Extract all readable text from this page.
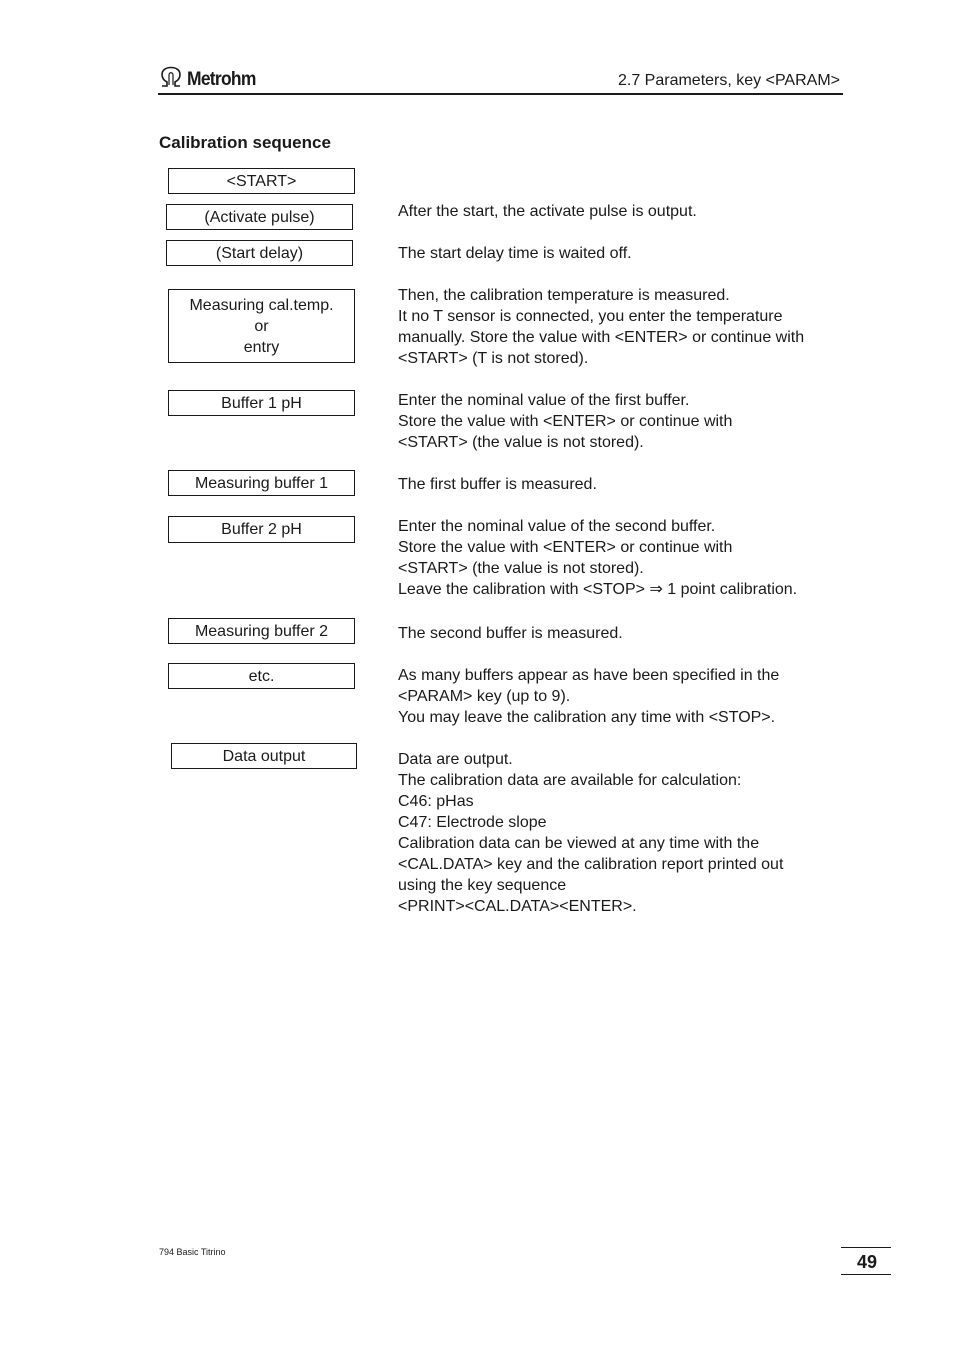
Metrohm	2.7 Parameters, key <PARAM>
Calibration sequence
<START>
(Activate pulse)
(Start delay)
Measuring cal.temp.
or
entry
Buffer 1 pH
Measuring buffer 1
Buffer 2 pH
Measuring buffer 2
etc.
Data output
After the start, the activate pulse is output.
The start delay time is waited off.
Then, the calibration temperature is measured.
It no T sensor is connected, you enter the temperature
manually. Store the value with <ENTER> or continue with
<START> (T is not stored).
Enter the nominal value of the first buffer.
Store the value with <ENTER> or continue with
<START> (the value is not stored).
The first buffer is measured.
Enter the nominal value of the second buffer.
Store the value with <ENTER> or continue with
<START> (the value is not stored).
Leave the calibration with <STOP> ⇒ 1 point calibration.
The second buffer is measured.
As many buffers appear as have been specified in the
<PARAM> key (up to 9).
You may leave the calibration any time with <STOP>.
Data are output.
The calibration data are available for calculation:
C46: pHas
C47: Electrode slope
Calibration data can be viewed at any time with the
<CAL.DATA> key and the calibration report printed out
using the key sequence
<PRINT><CAL.DATA><ENTER>.
794 Basic Titrino	49
